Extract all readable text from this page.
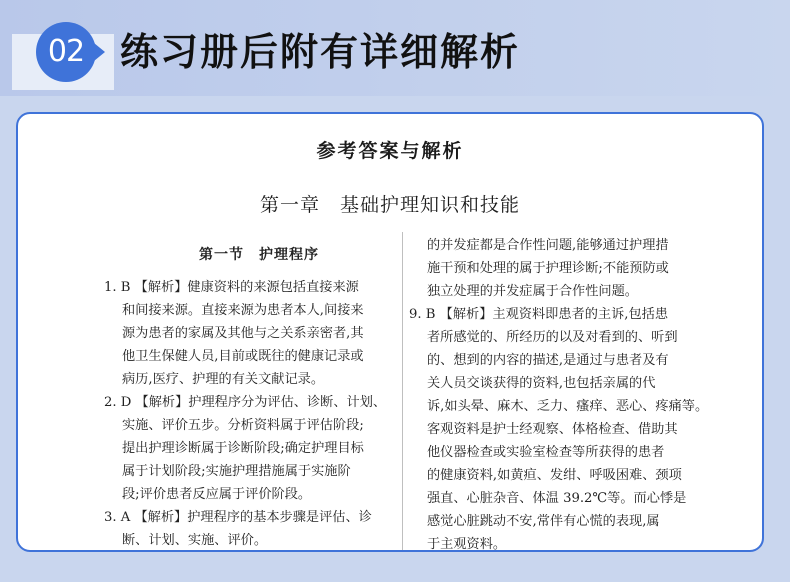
02 练习册后附有详细解析
参考答案与解析
第一章　基础护理知识和技能
第一节　护理程序
1. B 【解析】健康资料的来源包括直接来源
和间接来源。直接来源为患者本人,间接来
源为患者的家属及其他与之关系亲密者,其
他卫生保健人员,目前或既往的健康记录或
病历,医疗、护理的有关文献记录。
2. D 【解析】护理程序分为评估、诊断、计划、
实施、评价五步。分析资料属于评估阶段;
提出护理诊断属于诊断阶段;确定护理目标
属于计划阶段;实施护理措施属于实施阶
段;评价患者反应属于评价阶段。
3. A 【解析】护理程序的基本步骤是评估、诊
断、计划、实施、评价。
的并发症都是合作性问题,能够通过护理措
施干预和处理的属于护理诊断;不能预防或
独立处理的并发症属于合作性问题。
9. B 【解析】主观资料即患者的主诉,包括患
者所感觉的、所经历的以及对看到的、听到
的、想到的内容的描述,是通过与患者及有
关人员交谈获得的资料,也包括亲属的代
诉,如头晕、麻木、乏力、瘙痒、恶心、疼痛等。
客观资料是护士经观察、体格检查、借助其
他仪器检查或实验室检查等所获得的患者
的健康资料,如黄疸、发绀、呼吸困难、颈项
强直、心脏杂音、体温 39.2℃等。而心悸是
感觉心脏跳动不安,常伴有心慌的表现,属
于主观资料。
